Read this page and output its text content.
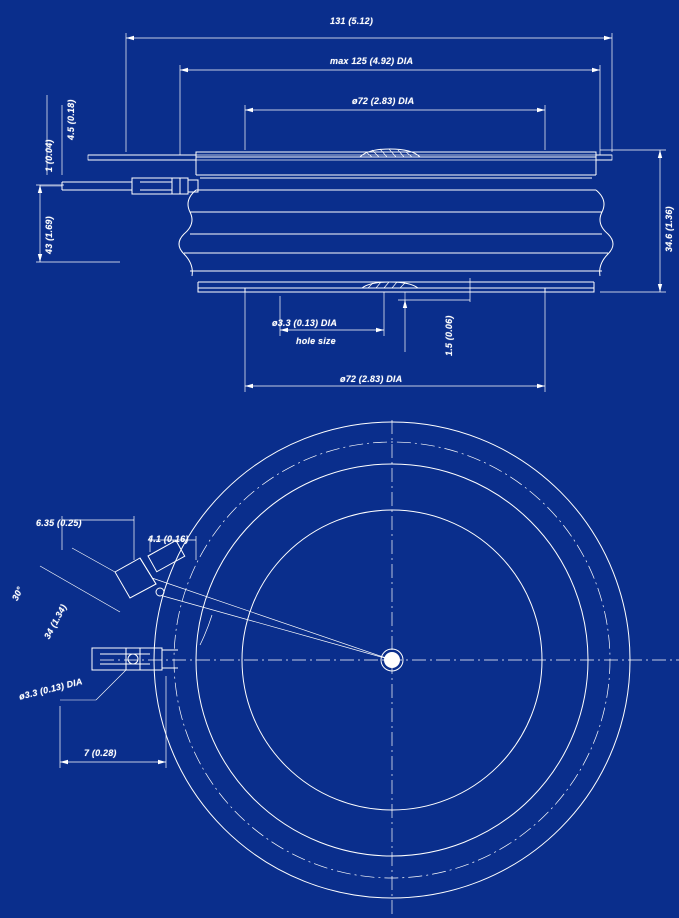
131 (5.12)
max 125 (4.92) DIA
ø72 (2.83) DIA
1 (0.04)
4.5 (0.18)
43 (1.69)	34.6 (1.36)
ø3.3 (0.13) DIA
hole size	1.5 (0.06)
ø72 (2.83) DIA
6.35 (0.25)
4.1 (0.16)
30°
34 (1.34)
ø3.3 (0.13) DIA
7 (0.28)
